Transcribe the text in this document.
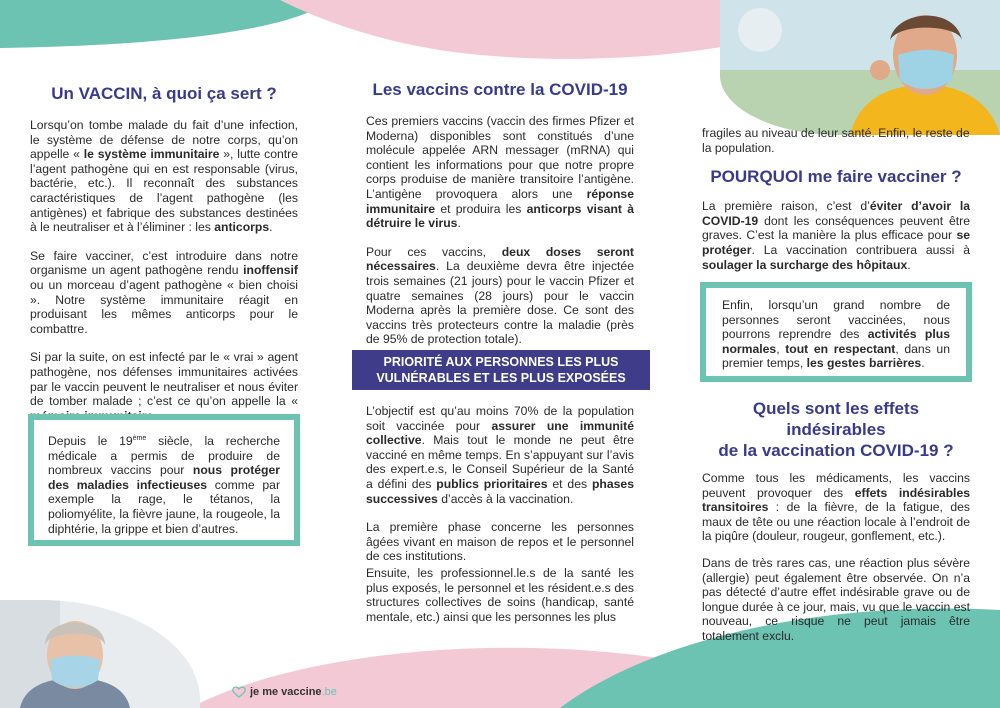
Un VACCIN, à quoi ça sert ?

Lorsqu’on tombe malade du fait d’une infection, le système de défense de notre corps, qu’on appelle « le système immunitaire », lutte contre l’agent pathogène qui en est responsable (virus, bactérie, etc.). Il reconnaît des substances caractéristiques de l’agent pathogène (les antigènes) et fabrique des substances destinées à le neutraliser et à l’éliminer : les anticorps.

Se faire vacciner, c’est introduire dans notre organisme un agent pathogène rendu inoffensif ou un morceau d’agent pathogène « bien choisi ». Notre système immunitaire réagit en produisant les mêmes anticorps pour le combattre.

Si par la suite, on est infecté par le « vrai » agent pathogène, nos défenses immunitaires activées par le vaccin peuvent le neutraliser et nous éviter de tomber malade ; c’est ce qu’on appelle la «

Depuis le 19ème siècle, la recherche médicale a permis de produire de nombreux vaccins pour nous protéger des maladies infectieuses comme par exemple la rage, le tétanos, la poliomyélite, la fièvre jaune, la rougeole, la diphtérie, la grippe et bien d’autres.

Les vaccins contre la COVID-19

Ces premiers vaccins (vaccin des firmes Pfizer et Moderna) disponibles sont constitués d’une molécule appelée ARN messager (mRNA) qui contient les informations pour que notre propre corps produise de manière transitoire l’antigène. L’antigène provoquera alors une réponse immunitaire et produira les anticorps visant à détruire le virus.

Pour ces vaccins, deux doses seront nécessaires. La deuxième devra être injectée trois semaines (21 jours) pour le vaccin Pfizer et quatre semaines (28 jours) pour le vaccin Moderna après la première dose. Ce sont des vaccins très protecteurs contre la maladie (près de 95% de protection totale).

PRIORITÉ AUX PERSONNES LES PLUS
VULNÉRABLES ET LES PLUS EXPOSÉES

L’objectif est qu’au moins 70% de la population soit vaccinée pour assurer une immunité collective. Mais tout le monde ne peut être vacciné en même temps. En s’appuyant sur l’avis des expert.e.s, le Conseil Supérieur de la Santé a défini des publics prioritaires et des phases successives d’accès à la vaccination.

La première phase concerne les personnes âgées vivant en maison de repos et le personnel de ces institutions.

Ensuite, les professionnel.le.s de la santé les plus exposés, le personnel et les résident.e.s des structures collectives de soins (handicap, santé mentale, etc.) ainsi que les personnes les plus

fragiles au niveau de leur santé. Enfin, le reste de la population.

POURQUOI me faire vacciner ?

La première raison, c’est d’éviter d’avoir la COVID-19 dont les conséquences peuvent être graves. C’est la manière la plus efficace pour se protéger. La vaccination contribuera aussi à soulager la surcharge des hôpitaux.

Enfin, lorsqu’un grand nombre de personnes seront vaccinées, nous pourrons reprendre des activités plus normales, tout en respectant, dans un premier temps, les gestes barrières.

Quels sont les effets indésirables
de la vaccination COVID-19 ?

Comme tous les médicaments, les vaccins peuvent provoquer des effets indésirables transitoires : de la fièvre, de la fatigue, des maux de tête ou une réaction locale à l’endroit de la piqûre (douleur, rougeur, gonflement, etc.).

Dans de très rares cas, une réaction plus sévère (allergie) peut également être observée. On n’a pas détecté d’autre effet indésirable grave ou de longue durée à ce jour, mais, vu que le vaccin est nouveau, ce risque ne peut jamais être totalement exclu.

je me vaccine.be
